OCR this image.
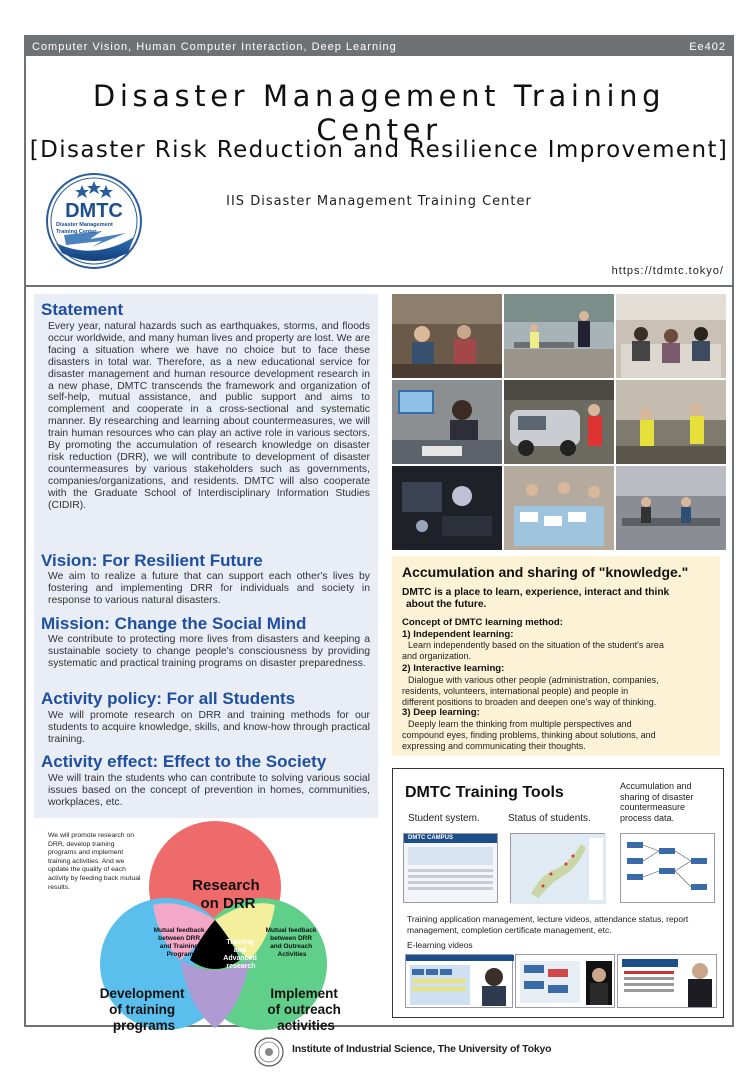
Computer Vision, Human Computer Interaction, Deep Learning	Ee402
Disaster Management Training Center
[Disaster Risk Reduction and Resilience Improvement]
DMTC
Disaster Management
Training Center
IIS Disaster Management Training Center
https://tdmtc.tokyo/
Statement
Every year, natural hazards such as earthquakes, storms, and floods occur worldwide, and many human lives and property are lost. We are facing a situation where we have no choice but to face these disasters in total war. Therefore, as a new educational service for disaster management and human resource development research in a new phase, DMTC transcends the framework and organization of self-help, mutual assistance, and public support and aims to complement and cooperate in a cross-sectional and systematic manner. By researching and learning about countermeasures, we will train human resources who can play an active role in various sectors. By promoting the accumulation of research knowledge on disaster risk reduction (DRR), we will contribute to development of disaster countermeasures by various stakeholders such as governments, companies/organizations, and residents. DMTC will also cooperate with the Graduate School of Interdisciplinary Information Studies (CIDIR).
Vision: For Resilient Future
We aim to realize a future that can support each other's lives by fostering and implementing DRR for individuals and society in response to various natural disasters.
Mission: Change the Social Mind
We contribute to protecting more lives from disasters and keeping a sustainable society to change people's consciousness by providing systematic and practical training programs on disaster preparedness.
Activity policy: For all Students
We will promote research on DRR and training methods for our students to acquire knowledge, skills, and know-how through practical training.
Activity effect: Effect to the Society
We will train the students who can contribute to solving various social issues based on the concept of prevention in homes, communities, workplaces, etc.
Accumulation and sharing of "knowledge."
DMTC is a place to learn, experience, interact and think
about the future.
Concept of DMTC learning method:
1) Independent learning:
Learn independently based on the situation of the student's area
and organization.
2) Interactive learning:
Dialogue with various other people (administration, companies,
residents, volunteers, international people) and people in
different positions to broaden and deepen one's way of thinking.
3) Deep learning:
Deeply learn the thinking from multiple perspectives and
compound eyes, finding problems, thinking about solutions, and
expressing and communicating their thoughts.
DMTC Training Tools
Student system.	Status of students.
Accumulation and
sharing of disaster
countermeasure
process data.
DMTC CAMPUS
Training application management, lecture videos, attendance status, report
management, completion certificate management, etc.
E-learning videos
Research on DRR
Development of training programs
Implement of outreach activities
Mutual feedback between DRR and Training Program
Mutual feedback between DRR and Outreach Activities
Training and Advanced research
We will promote research on DRR, develop training programs and implement training activities. And we update the quality of each activity by feeding back mutual results.
Institute of Industrial Science, The University of Tokyo
